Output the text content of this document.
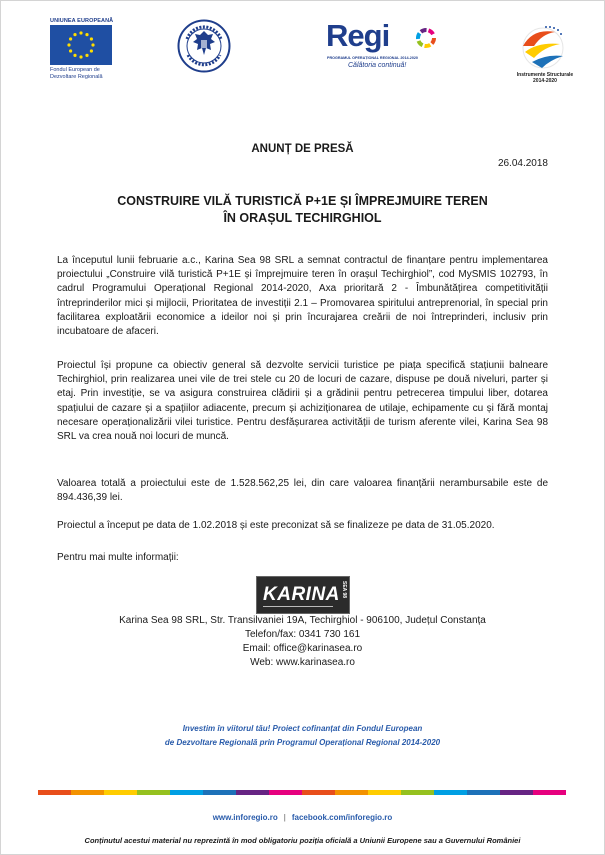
UNIUNEA EUROPEANĂ
Fondul European de
Dezvoltare Regională
Regi
PROGRAMUL OPERAȚIONAL REGIONAL 2014-2020
Călătoria continuă!
Instrumente Structurale
2014-2020
ANUNȚ DE PRESĂ
26.04.2018
CONSTRUIRE VILĂ TURISTICĂ P+1E ȘI ÎMPREJMUIRE TEREN
ÎN ORAȘUL TECHIRGHIOL

La începutul lunii februarie a.c., Karina Sea 98 SRL a semnat contractul de finanțare pentru implementarea proiectului „Construire vilă turistică P+1E și împrejmuire teren în orașul Techirghiol”, cod MySMIS 102793, în cadrul Programului Operațional Regional 2014-2020, Axa prioritară 2 - Îmbunătățirea competitivității întreprinderilor mici și mijlocii, Prioritatea de investiții 2.1 – Promovarea spiritului antreprenorial, în special prin facilitarea exploatării economice a ideilor noi și prin încurajarea creării de noi întreprinderi, inclusiv prin incubatoare de afaceri.

Proiectul își propune ca obiectiv general să dezvolte servicii turistice pe piața specifică stațiunii balneare Techirghiol, prin realizarea unei vile de trei stele cu 20 de locuri de cazare, dispuse pe două niveluri, parter și etaj. Prin investiție, se va asigura construirea clădirii și a grădinii pentru petrecerea timpului liber, dotarea spațiului de cazare și a spațiilor adiacente, precum și achiziționarea de utilaje, echipamente cu și fără montaj necesare operaționalizării vilei turistice. Pentru desfășurarea activității de turism aferente vilei, Karina Sea 98 SRL va crea nouă noi locuri de muncă.

Valoarea totală a proiectului este de 1.528.562,25 lei, din care valoarea finanțării nerambursabile este de 894.436,39 lei.

Proiectul a început pe data de 1.02.2018 și este preconizat să se finalizeze pe data de 31.05.2020.

Pentru mai multe informații:

KARINA SEA 98
Karina Sea 98 SRL, Str. Transilvaniei 19A, Techirghiol - 906100, Județul Constanța
Telefon/fax: 0341 730 161
Email: office@karinasea.ro
Web: www.karinasea.ro
Investim în viitorul tău! Proiect cofinanțat din Fondul European
de Dezvoltare Regională prin Programul Operațional Regional 2014-2020
www.inforegio.ro | facebook.com/inforegio.ro
Conținutul acestui material nu reprezintă în mod obligatoriu poziția oficială a Uniunii Europene sau a Guvernului României
